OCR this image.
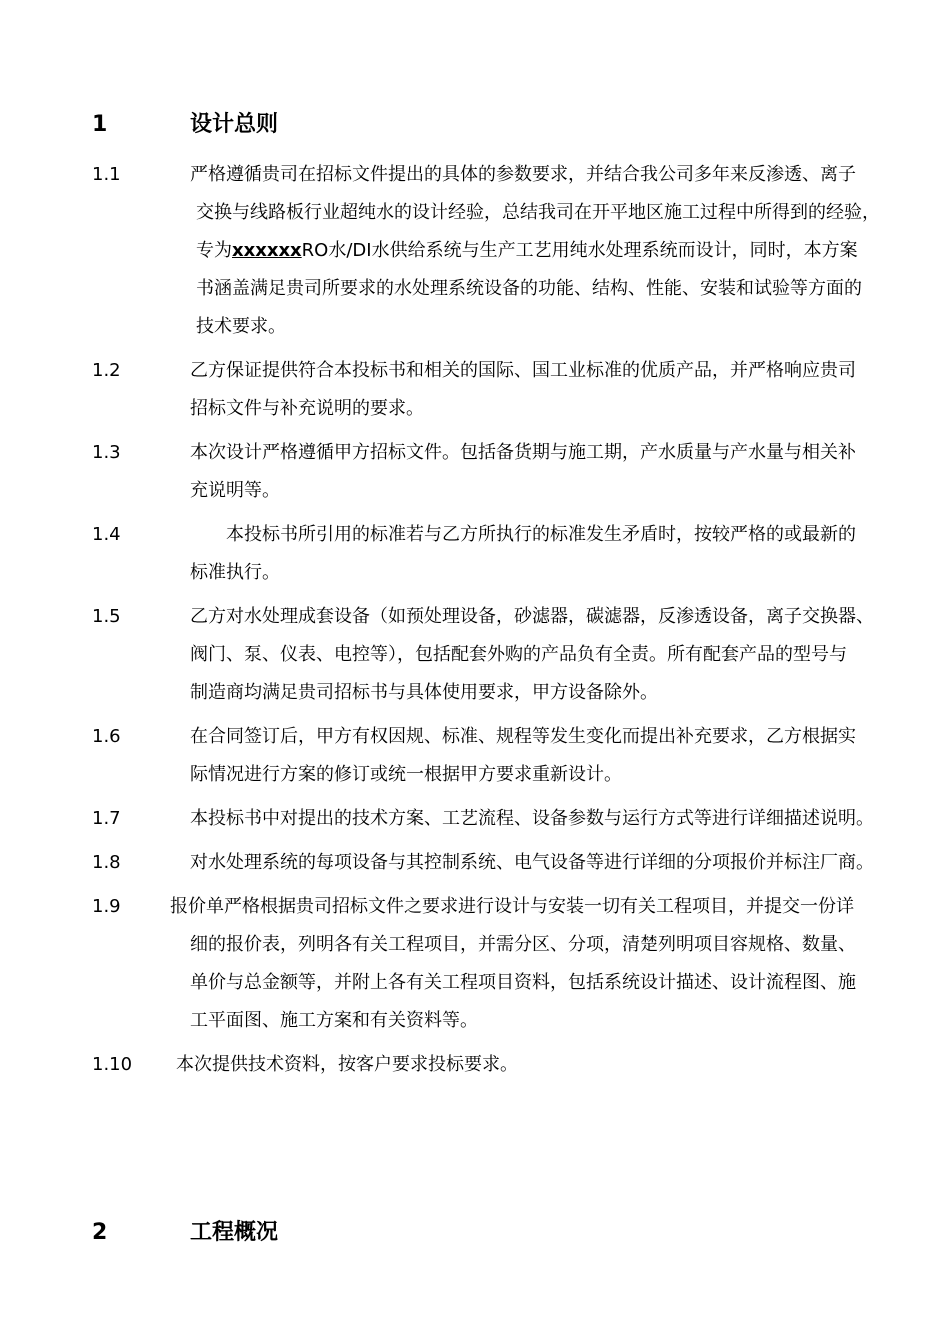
1	设计总则
1.1	严格遵循贵司在招标文件提出的具体的参数要求，并结合我公司多年来反渗透、离子
交换与线路板行业超纯水的设计经验，总结我司在开平地区施工过程中所得到的经验，
专为xxxxxxRO水/DI水供给系统与生产工艺用纯水处理系统而设计，同时，本方案
书涵盖满足贵司所要求的水处理系统设备的功能、结构、性能、安装和试验等方面的
技术要求。
1.2	乙方保证提供符合本投标书和相关的国际、国工业标准的优质产品，并严格响应贵司
招标文件与补充说明的要求。
1.3	本次设计严格遵循甲方招标文件。包括备货期与施工期，产水质量与产水量与相关补
充说明等。
1.4	本投标书所引用的标准若与乙方所执行的标准发生矛盾时，按较严格的或最新的
标准执行。
1.5	乙方对水处理成套设备（如预处理设备，砂滤器，碳滤器，反渗透设备，离子交换器、
阀门、泵、仪表、电控等），包括配套外购的产品负有全责。所有配套产品的型号与
制造商均满足贵司招标书与具体使用要求，甲方设备除外。
1.6	在合同签订后，甲方有权因规、标准、规程等发生变化而提出补充要求，乙方根据实
际情况进行方案的修订或统一根据甲方要求重新设计。
1.7	本投标书中对提出的技术方案、工艺流程、设备参数与运行方式等进行详细描述说明。
1.8	对水处理系统的每项设备与其控制系统、电气设备等进行详细的分项报价并标注厂商。
1.9	报价单严格根据贵司招标文件之要求进行设计与安装一切有关工程项目，并提交一份详
细的报价表，列明各有关工程项目，并需分区、分项，清楚列明项目容规格、数量、
单价与总金额等，并附上各有关工程项目资料，包括系统设计描述、设计流程图、施
工平面图、施工方案和有关资料等。
1.10 本次提供技术资料，按客户要求投标要求。
2	工程概况
